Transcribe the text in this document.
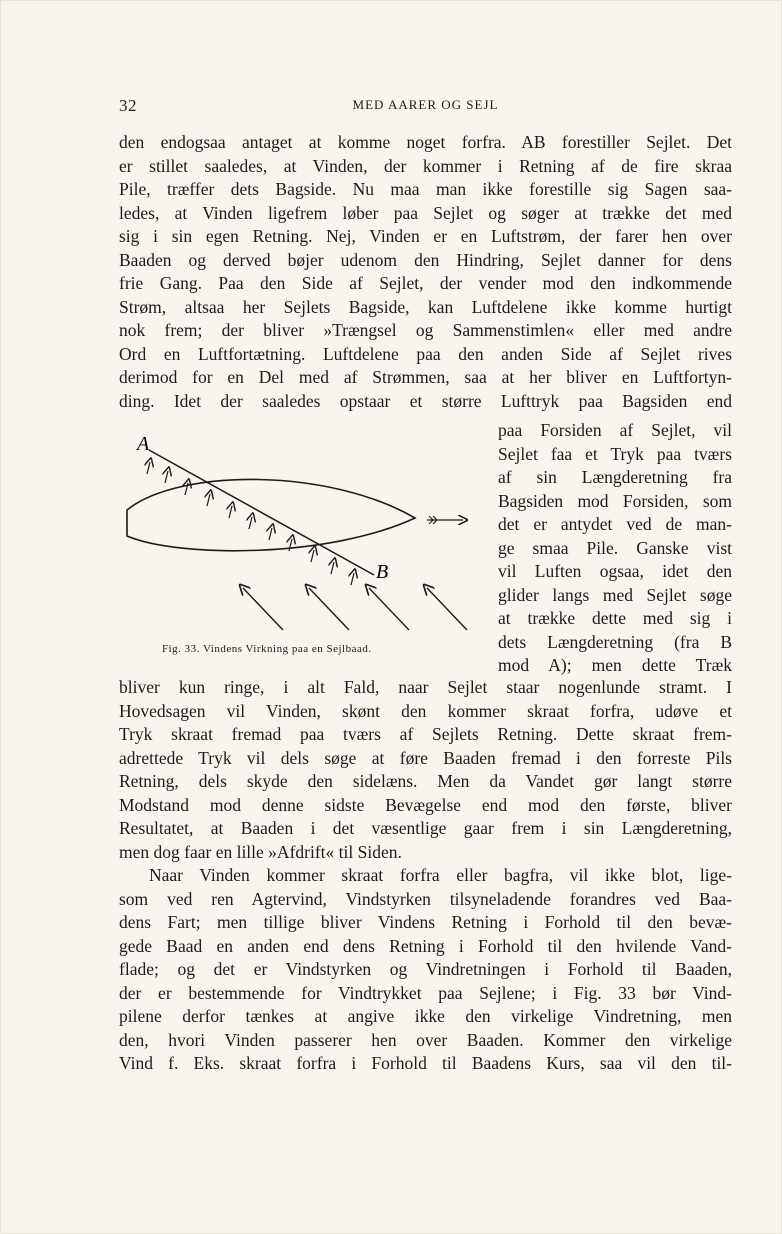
32	MED AARER OG SEJL
den endogsaa antaget at komme noget forfra. AB forestiller Sejlet. Det
er stillet saaledes, at Vinden, der kommer i Retning af de fire skraa
Pile, træffer dets Bagside. Nu maa man ikke forestille sig Sagen saa-
ledes, at Vinden ligefrem løber paa Sejlet og søger at trække det med
sig i sin egen Retning. Nej, Vinden er en Luftstrøm, der farer hen over
Baaden og derved bøjer udenom den Hindring, Sejlet danner for dens
frie Gang. Paa den Side af Sejlet, der vender mod den indkommende
Strøm, altsaa her Sejlets Bagside, kan Luftdelene ikke komme hurtigt
nok frem; der bliver »Trængsel og Sammenstimlen« eller med andre
Ord en Luftfortætning. Luftdelene paa den anden Side af Sejlet rives
derimod for en Del med af Strømmen, saa at her bliver en Luftfortyn-
ding. Idet der saaledes opstaar et større Lufttryk paa Bagsiden end
paa Forsiden af Sejlet, vil
Sejlet faa et Tryk paa tværs
af sin Længderetning fra
Bagsiden mod Forsiden, som
det er antydet ved de man-
ge smaa Pile. Ganske vist
vil Luften ogsaa, idet den
glider langs med Sejlet søge
at trække dette med sig i
dets Længderetning (fra B
mod A); men dette Træk
A
B
Fig. 33. Vindens Virkning paa en Sejlbaad.
bliver kun ringe, i alt Fald, naar Sejlet staar nogenlunde stramt. I
Hovedsagen vil Vinden, skønt den kommer skraat forfra, udøve et
Tryk skraat fremad paa tværs af Sejlets Retning. Dette skraat frem-
adrettede Tryk vil dels søge at føre Baaden fremad i den forreste Pils
Retning, dels skyde den sidelæns. Men da Vandet gør langt større
Modstand mod denne sidste Bevægelse end mod den første, bliver
Resultatet, at Baaden i det væsentlige gaar frem i sin Længderetning,
men dog faar en lille »Afdrift« til Siden.
Naar Vinden kommer skraat forfra eller bagfra, vil ikke blot, lige-
som ved ren Agtervind, Vindstyrken tilsyneladende forandres ved Baa-
dens Fart; men tillige bliver Vindens Retning i Forhold til den bevæ-
gede Baad en anden end dens Retning i Forhold til den hvilende Vand-
flade; og det er Vindstyrken og Vindretningen i Forhold til Baaden,
der er bestemmende for Vindtrykket paa Sejlene; i Fig. 33 bør Vind-
pilene derfor tænkes at angive ikke den virkelige Vindretning, men
den, hvori Vinden passerer hen over Baaden. Kommer den virkelige
Vind f. Eks. skraat forfra i Forhold til Baadens Kurs, saa vil den til-
